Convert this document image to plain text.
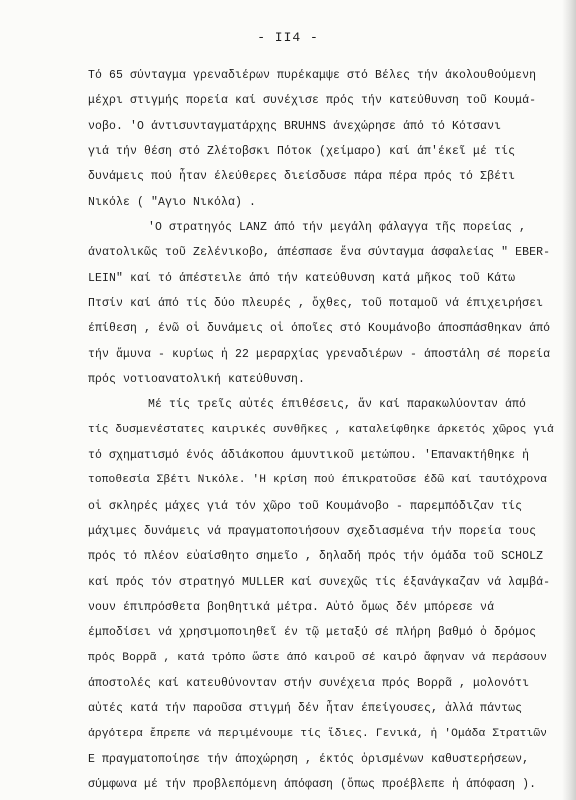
- II4 -
Τό 65 σύνταγμα γρεναδιέρων πυρέκαμψε στό Βέλες τήν άκολουθούμενη
μέχρι στιγμής πορεία καί συνέχισε πρός τήν κατεύθυνση τοῦ Κουμά-
νοβο. 'Ο άντισυνταγματάρχης BRUHNS άνεχώρησε άπό τό Κότσανι
γιά τήν θέση στό Ζλέτοβσκι Πότοκ (χείμαρο) καί άπ'έκεῖ μέ τίς
δυνάμεις πού ἦταν έλεύθερες διείσδυσε πάρα πέρα πρός τό Σβέτι
Νικόλε ( "Αγιο Νικόλα) .
'Ο στρατηγός LANZ άπό τήν μεγάλη φάλαγγα τῆς πορείας ,
άνατολικῶς τοῦ Ζελένικοβο, άπέσπασε ἕνα σύνταγμα άσφαλείας " EBER-
LEIN" καί τό άπέστειλε άπό τήν κατεύθυνση κατά μῆκος τοῦ Κάτω
Πτσίν καί άπό τίς δύο πλευρές , ὄχθες, τοῦ ποταμοῦ νά έπιχειρήσει
έπίθεση , ένῶ οἱ δυνάμεις οἱ όποῖες στό Κουμάνοβο άποσπάσθηκαν άπό
τήν ἄμυνα - κυρίως ἡ 22 μεραρχίας γρεναδιέρων - άποστάλη σέ πορεία
πρός νοτιοανατολική κατεύθυνση.
Μέ τίς τρεῖς αὐτές έπιθέσεις, ἄν καί παρακωλύονταν άπό
τίς δυσμενέστατες καιρικές συνθῆκες , καταλείφθηκε άρκετός χῶρος γιά
τό σχηματισμό ένός άδιάκοπου άμυντικοῦ μετώπου. 'Επανακτήθηκε ἡ
τοποθεσία Σβέτι Νικόλε. 'Η κρίση πού έπικρατοῦσε έδῶ καί ταυτόχρονα
οἱ σκληρές μάχες γιά τόν χῶρο τοῦ Κουμάνοβο - παρεμπόδιζαν τίς
μάχιμες δυνάμεις νά πραγματοποιήσουν σχεδιασμένα τήν πορεία τους
πρός τό πλέον εὐαίσθητο σημεῖο , δηλαδή πρός τήν όμάδα τοῦ SCHOLZ
καί πρός τόν στρατηγό MULLER καί συνεχῶς τίς έξανάγκαζαν νά λαμβά-
νουν έπιπρόσθετα βοηθητικά μέτρα. Αὐτό ὅμως δέν μπόρεσε νά
έμποδίσει νά χρησιμοποιηθεῖ έν τῷ μεταξύ σέ πλήρη βαθμό ὁ δρόμος
πρός Βορρᾶ , κατά τρόπο ὥστε άπό καιροῦ σέ καιρό ἄφηναν νά περάσουν
άποστολές καί κατευθύνονταν στήν συνέχεια πρός Βορρᾶ , μολονότι
αὐτές κατά τήν παροῦσα στιγμή δέν ἦταν έπείγουσες, ἀλλά πάντως
άργότερα ἔπρεπε νά περιμένουμε τίς ἴδιες. Γενικά, ἡ 'Ομάδα Στρατιῶν
Ε πραγματοποίησε τήν άποχώρηση , έκτός ὁρισμένων καθυστερήσεων,
σύμφωνα μέ τήν προβλεπόμενη άπόφαση (ὅπως προέβλεπε ἡ άπόφαση ).
